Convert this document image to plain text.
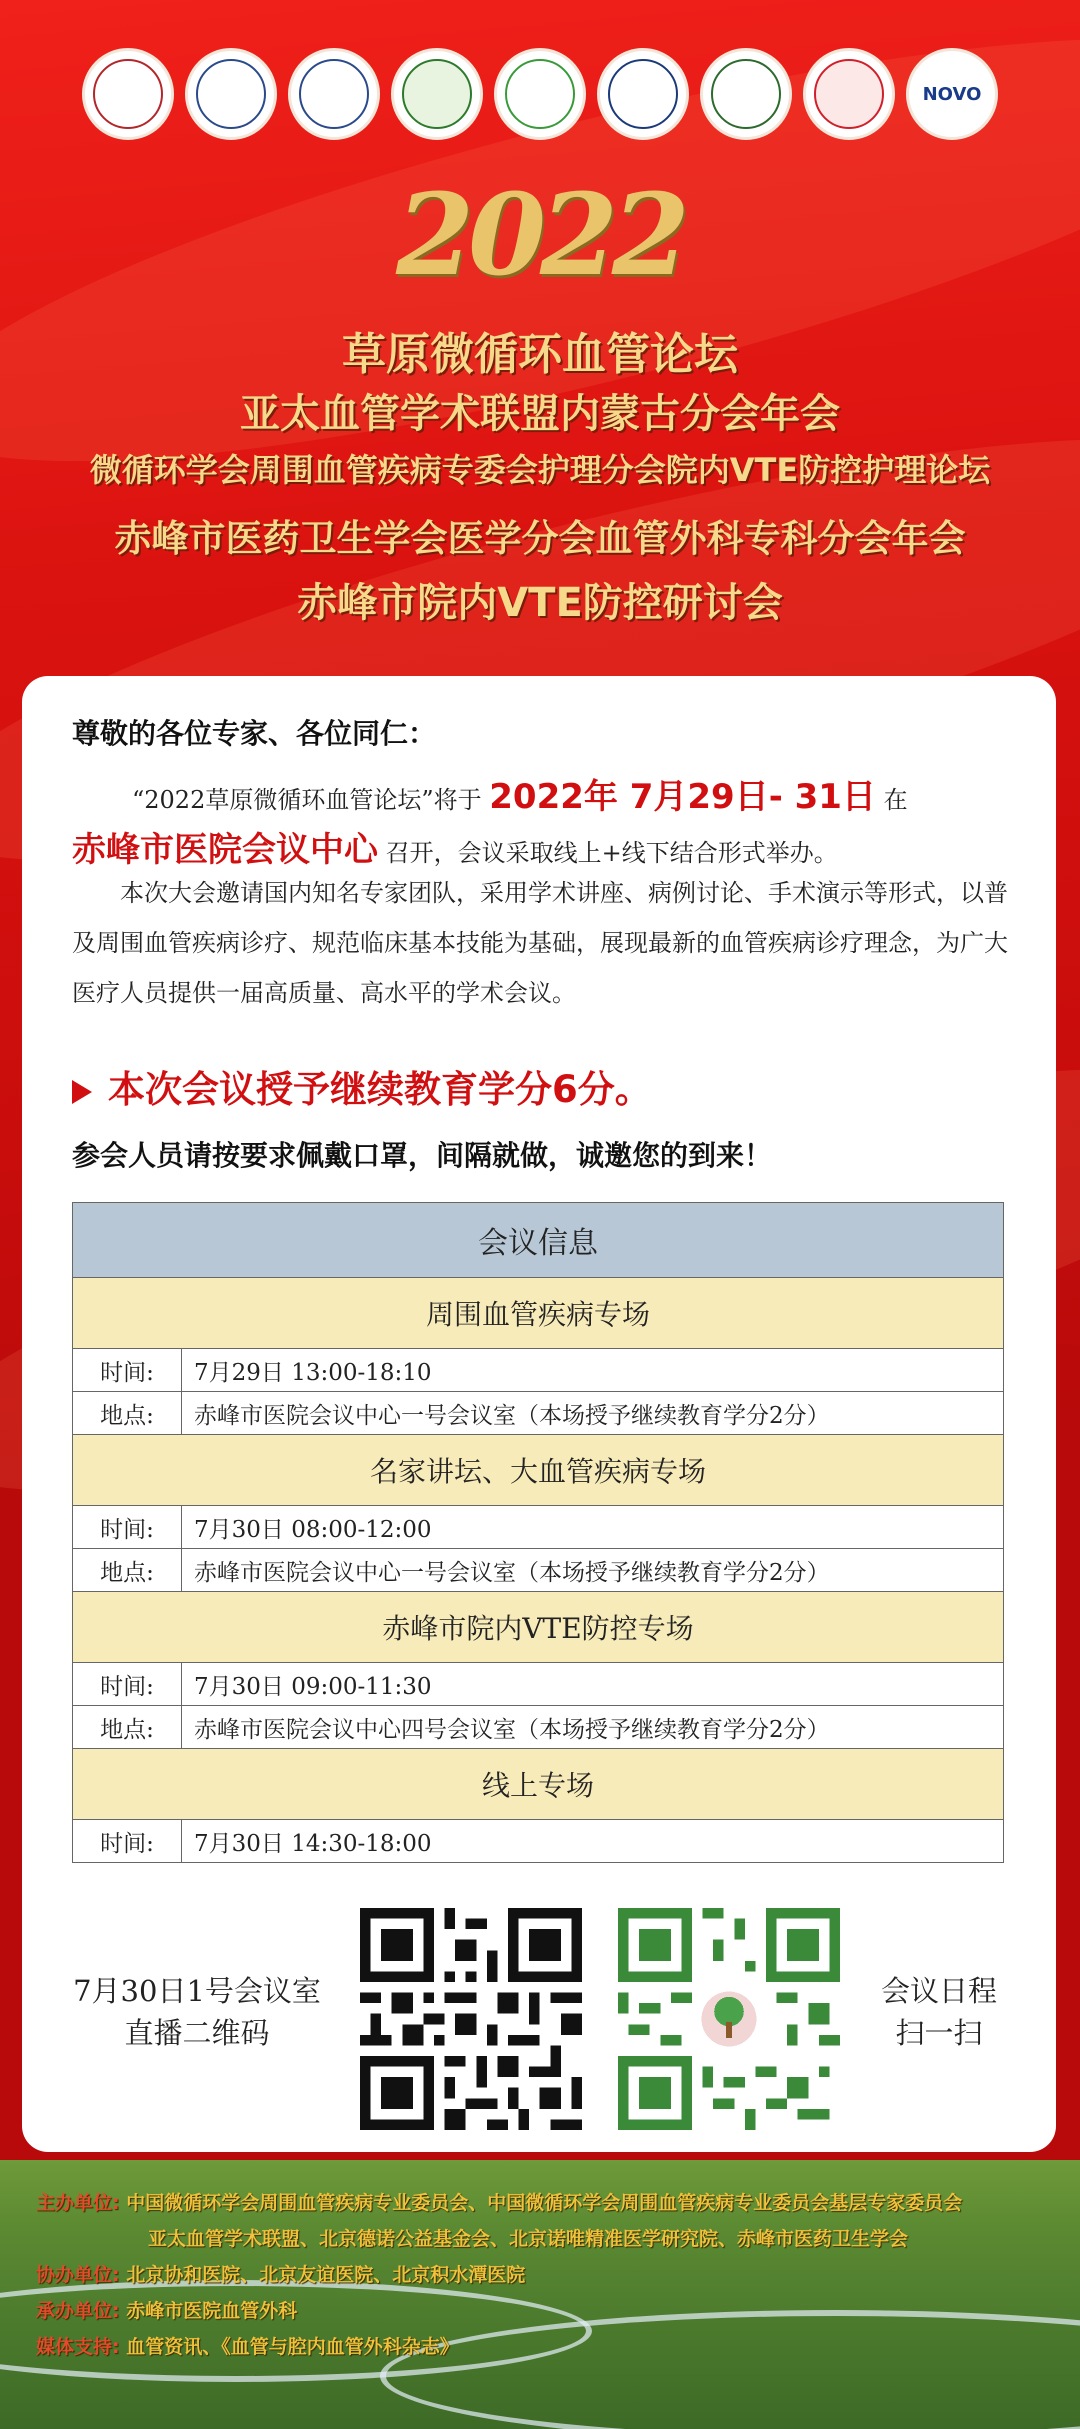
NOVO
2022
草原微循环血管论坛
亚太血管学术联盟内蒙古分会年会
微循环学会周围血管疾病专委会护理分会院内VTE防控护理论坛
赤峰市医药卫生学会医学分会血管外科专科分会年会
赤峰市院内VTE防控研讨会
尊敬的各位专家、各位同仁：
“2022草原微循环血管论坛”将于 2022年 7月29日- 31日 在
赤峰市医院会议中心 召开，会议采取线上+线下结合形式举办。
本次大会邀请国内知名专家团队，采用学术讲座、病例讨论、手术演示等形式，以普及周围血管疾病诊疗、规范临床基本技能为基础，展现最新的血管疾病诊疗理念，为广大医疗人员提供一届高质量、高水平的学术会议。
本次会议授予继续教育学分6分。
参会人员请按要求佩戴口罩，间隔就做，诚邀您的到来！
会议信息	
周围血管疾病专场	
时间:	7月29日 13:00-18:10
地点:	赤峰市医院会议中心一号会议室（本场授予继续教育学分2分）
名家讲坛、大血管疾病专场	
时间:	7月30日 08:00-12:00
地点:	赤峰市医院会议中心一号会议室（本场授予继续教育学分2分）
赤峰市院内VTE防控专场	
时间:	7月30日 09:00-11:30
地点:	赤峰市医院会议中心四号会议室（本场授予继续教育学分2分）
线上专场	
时间:	7月30日 14:30-18:00
7月30日1号会议室
直播二维码
会议日程
扫一扫
主办单位: 中国微循环学会周围血管疾病专业委员会、中国微循环学会周围血管疾病专业委员会基层专家委员会
亚太血管学术联盟、北京德诺公益基金会、北京诺唯精准医学研究院、赤峰市医药卫生学会
协办单位: 北京协和医院、北京友谊医院、北京积水潭医院
承办单位: 赤峰市医院血管外科
媒体支持: 血管资讯、《血管与腔内血管外科杂志》
